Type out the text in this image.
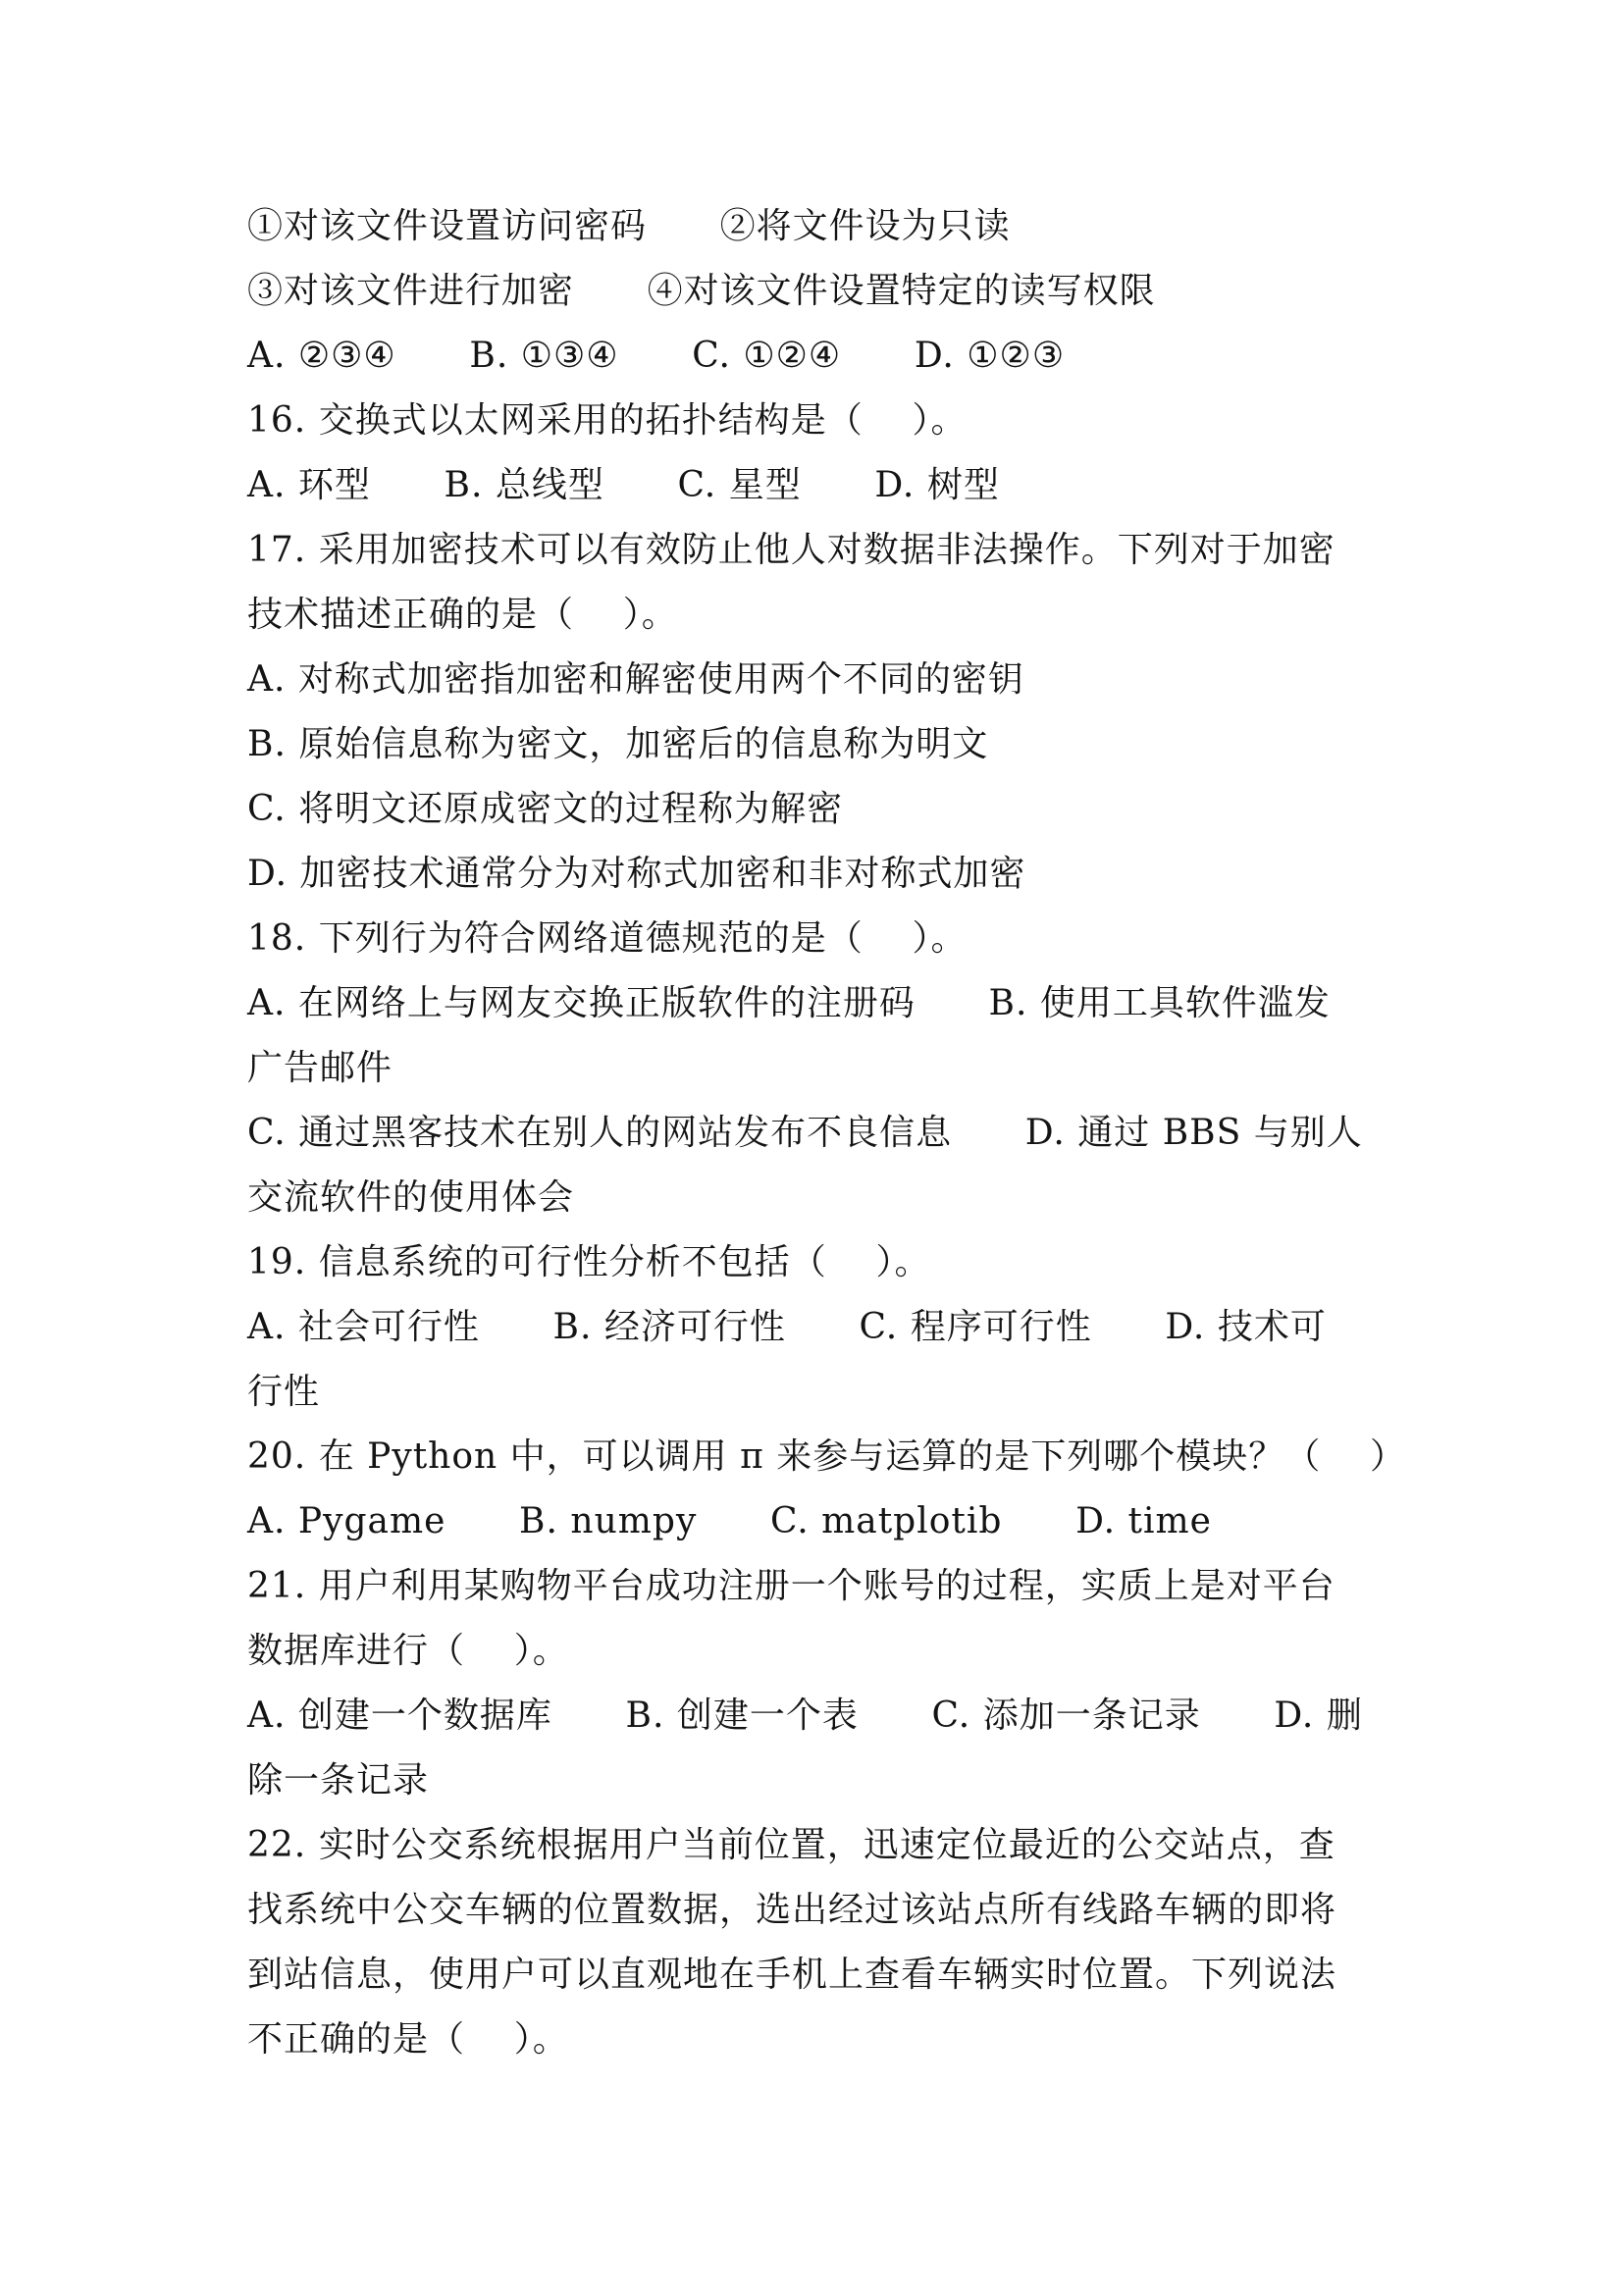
①对该文件设置访问密码      ②将文件设为只读
③对该文件进行加密      ④对该文件设置特定的读写权限
A. ②③④      B. ①③④      C. ①②④      D. ①②③
16. 交换式以太网采用的拓扑结构是（    ）。
A. 环型      B. 总线型      C. 星型      D. 树型
17. 采用加密技术可以有效防止他人对数据非法操作。下列对于加密
技术描述正确的是（    ）。
A. 对称式加密指加密和解密使用两个不同的密钥
B. 原始信息称为密文，加密后的信息称为明文
C. 将明文还原成密文的过程称为解密
D. 加密技术通常分为对称式加密和非对称式加密
18. 下列行为符合网络道德规范的是（    ）。
A. 在网络上与网友交换正版软件的注册码      B. 使用工具软件滥发
广告邮件
C. 通过黑客技术在别人的网站发布不良信息      D. 通过 BBS 与别人
交流软件的使用体会
19. 信息系统的可行性分析不包括（    ）。
A. 社会可行性      B. 经济可行性      C. 程序可行性      D. 技术可
行性
20. 在 Python 中，可以调用 π 来参与运算的是下列哪个模块？（    ）
A. Pygame      B. numpy      C. matplotib      D. time
21. 用户利用某购物平台成功注册一个账号的过程，实质上是对平台
数据库进行（    ）。
A. 创建一个数据库      B. 创建一个表      C. 添加一条记录      D. 删
除一条记录
22. 实时公交系统根据用户当前位置，迅速定位最近的公交站点，查
找系统中公交车辆的位置数据，选出经过该站点所有线路车辆的即将
到站信息，使用户可以直观地在手机上查看车辆实时位置。下列说法
不正确的是（    ）。
